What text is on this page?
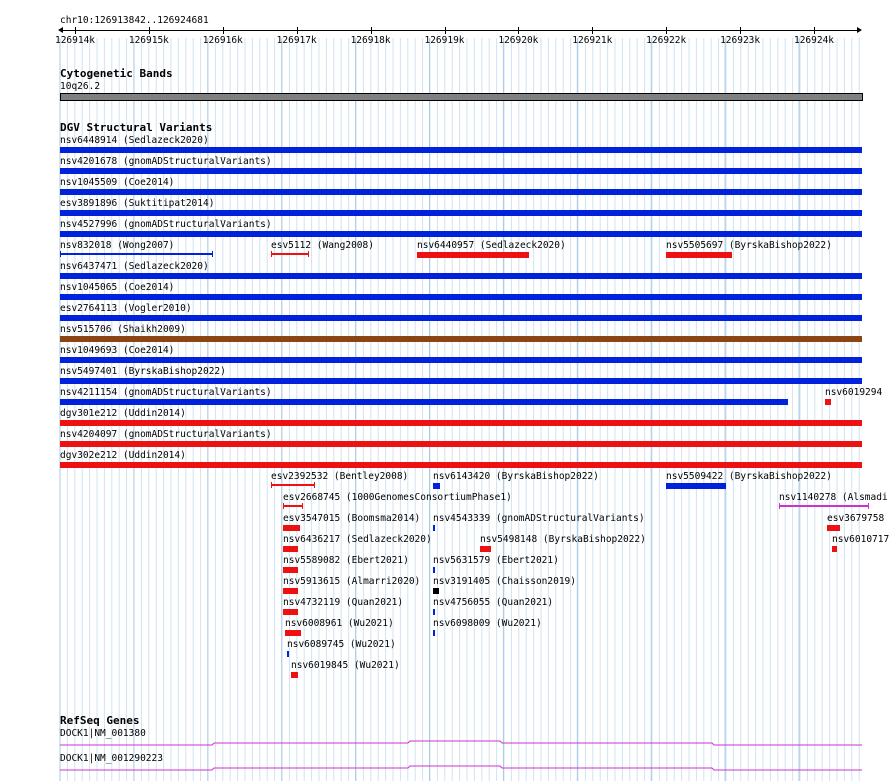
chr10:126913842..126924681
126914k	126915k	126916k	126917k	126918k	126919k	126920k	126921k	126922k	126923k	126924k
Cytogenetic Bands
10q26.2
DGV Structural Variants
nsv6448914 (Sedlazeck2020)
nsv4201678 (gnomADStructuralVariants)
nsv1045509 (Coe2014)
esv3891896 (Suktitipat2014)
nsv4527996 (gnomADStructuralVariants)
nsv832018 (Wong2007)	esv5112 (Wang2008)	nsv6440957 (Sedlazeck2020)	nsv5505697 (ByrskaBishop2022)
nsv6437471 (Sedlazeck2020)
nsv1045065 (Coe2014)
esv2764113 (Vogler2010)
nsv515706 (Shaikh2009)
nsv1049693 (Coe2014)
nsv5497401 (ByrskaBishop2022)
nsv4211154 (gnomADStructuralVariants)	nsv6019294
dgv301e212 (Uddin2014)
nsv4204097 (gnomADStructuralVariants)
dgv302e212 (Uddin2014)
esv2392532 (Bentley2008)	nsv6143420 (ByrskaBishop2022)	nsv5509422 (ByrskaBishop2022)
esv2668745 (1000GenomesConsortiumPhase1)	nsv1140278 (Alsmadi
esv3547015 (Boomsma2014) nsv4543339 (gnomADStructuralVariants)	esv3679758
nsv6436217 (Sedlazeck2020)	nsv5498148 (ByrskaBishop2022)	nsv6010717
nsv5589082 (Ebert2021)	nsv5631579 (Ebert2021)
nsv5913615 (Almarri2020) nsv3191405 (Chaisson2019)
nsv4732119 (Quan2021)	nsv4756055 (Quan2021)
nsv6008961 (Wu2021)	nsv6098009 (Wu2021)
nsv6089745 (Wu2021)
nsv6019845 (Wu2021)
RefSeq Genes
DOCK1|NM_001380
DOCK1|NM_001290223
